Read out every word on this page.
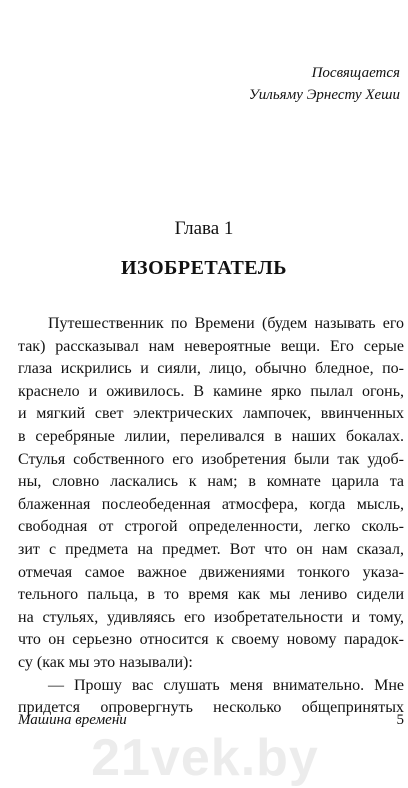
Посвящается
Уильяму Эрнесту Хеши
Глава 1
ИЗОБРЕТАТЕЛЬ
Путешественник по Времени (будем называть его
так) рассказывал нам невероятные вещи. Его серые
глаза искрились и сияли, лицо, обычно бледное, по-
краснело и оживилось. В камине ярко пылал огонь,
и мягкий свет электрических лампочек, ввинченных
в серебряные лилии, переливался в наших бокалах.
Стулья собственного его изобретения были так удоб-
ны, словно ласкались к нам; в комнате царила та
блаженная послеобеденная атмосфера, когда мысль,
свободная от строгой определенности, легко сколь-
зит с предмета на предмет. Вот что он нам сказал,
отмечая самое важное движениями тонкого указа-
тельного пальца, в то время как мы лениво сидели
на стульях, удивляясь его изобретательности и тому,
что он серьезно относится к своему новому парадок-
су (как мы это называли):
— Прошу вас слушать меня внимательно. Мне
придется опровергнуть несколько общепринятых
Машина времени	5
21vek.by
